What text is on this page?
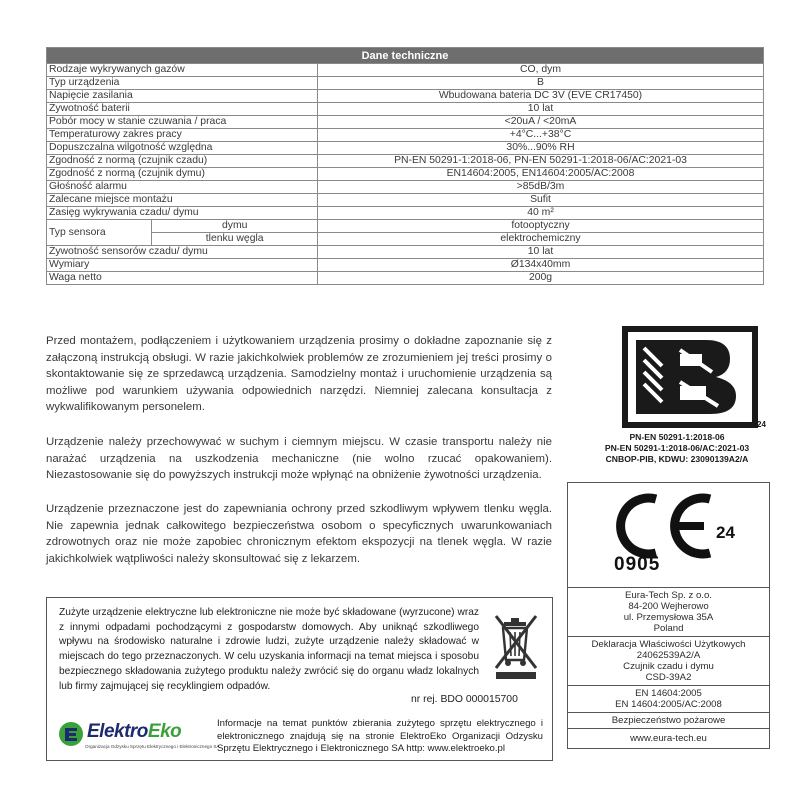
Dane techniczne		
Rodzaje wykrywanych gazów		CO, dym
Typ urządzenia		B
Napięcie zasilania		Wbudowana bateria DC 3V (EVE CR17450)
Żywotność baterii		10 lat
Pobór mocy w stanie czuwania / praca		<20uA / <20mA
Temperaturowy zakres pracy		+4°C...+38°C
Dopuszczalna wilgotność względna		30%...90% RH
Zgodność z normą (czujnik czadu)		PN-EN 50291-1:2018-06, PN-EN 50291-1:2018-06/AC:2021-03
Zgodność z normą (czujnik dymu)		EN14604:2005, EN14604:2005/AC:2008
Głośność alarmu		>85dB/3m
Zalecane miejsce montażu		Sufit
Zasięg wykrywania czadu/ dymu		40 m²
Typ sensora	dymu	fotooptyczny
	tlenku węgla	elektrochemiczny
Żywotność sensorów czadu/ dymu		10 lat
Wymiary		Ø134x40mm
Waga netto		200g

Przed montażem, podłączeniem i użytkowaniem urządzenia prosimy o dokładne zapoznanie się z załączoną instrukcją obsługi. W razie jakichkolwiek problemów ze zrozumieniem jej treści prosimy o skontaktowanie się ze sprzedawcą urządzenia. Samodzielny montaż i uruchomienie urządzenia są możliwe pod warunkiem używania odpowiednich narzędzi. Niemniej zalecana konsultacja z wykwalifikowanym personelem.

Urządzenie należy przechowywać w suchym i ciemnym miejscu. W czasie transportu należy nie narażać urządzenia na uszkodzenia mechaniczne (nie wolno rzucać opakowaniem). Niezastosowanie się do powyższych instrukcji może wpłynąć na obniżenie żywotności urządzenia.

Urządzenie przeznaczone jest do zapewniania ochrony przed szkodliwym wpływem tlenku węgla. Nie zapewnia jednak całkowitego bezpieczeństwa osobom o specyficznych uwarunkowaniach zdrowotnych oraz nie może zapobiec chronicznym efektom ekspozycji na tlenek węgla. W razie jakichkolwiek wątpliwości należy skonsultować się z lekarzem.

24
PN-EN 50291-1:2018-06
PN-EN 50291-1:2018-06/AC:2021-03
CNBOP-PIB, KDWU: 23090139A2/A
24
0905
Eura-Tech Sp. z o.o.
84-200 Wejherowo
ul. Przemysłowa 35A
Poland
Deklaracja Właściwości Użytkowych
24062539A2/A
Czujnik czadu i dymu
CSD-39A2
EN 14604:2005
EN 14604:2005/AC:2008
Bezpieczeństwo pożarowe
www.eura-tech.eu

Zużyte urządzenie elektryczne lub elektroniczne nie może być składowane (wyrzucone) wraz z innymi odpadami pochodzącymi z gospodarstw domowych. Aby uniknąć szkodliwego wpływu na środowisko naturalne i zdrowie ludzi, zużyte urządzenie należy składować w miejscach do tego przeznaczonych. W celu uzyskania informacji na temat miejsca i sposobu bezpiecznego składowania zużytego produktu należy zwrócić się do organu władz lokalnych lub firmy zajmującej się recyklingiem odpadów.

nr rej. BDO 000015700
ElektroEko
Organizacja Odzysku Sprzętu Elektrycznego i Elektronicznego SA

Informacje na temat punktów zbierania zużytego sprzętu elektrycznego i elektronicznego znajdują się na stronie ElektroEko Organizacji Odzysku Sprzętu Elektrycznego i Elektronicznego SA http: www.elektroeko.pl
